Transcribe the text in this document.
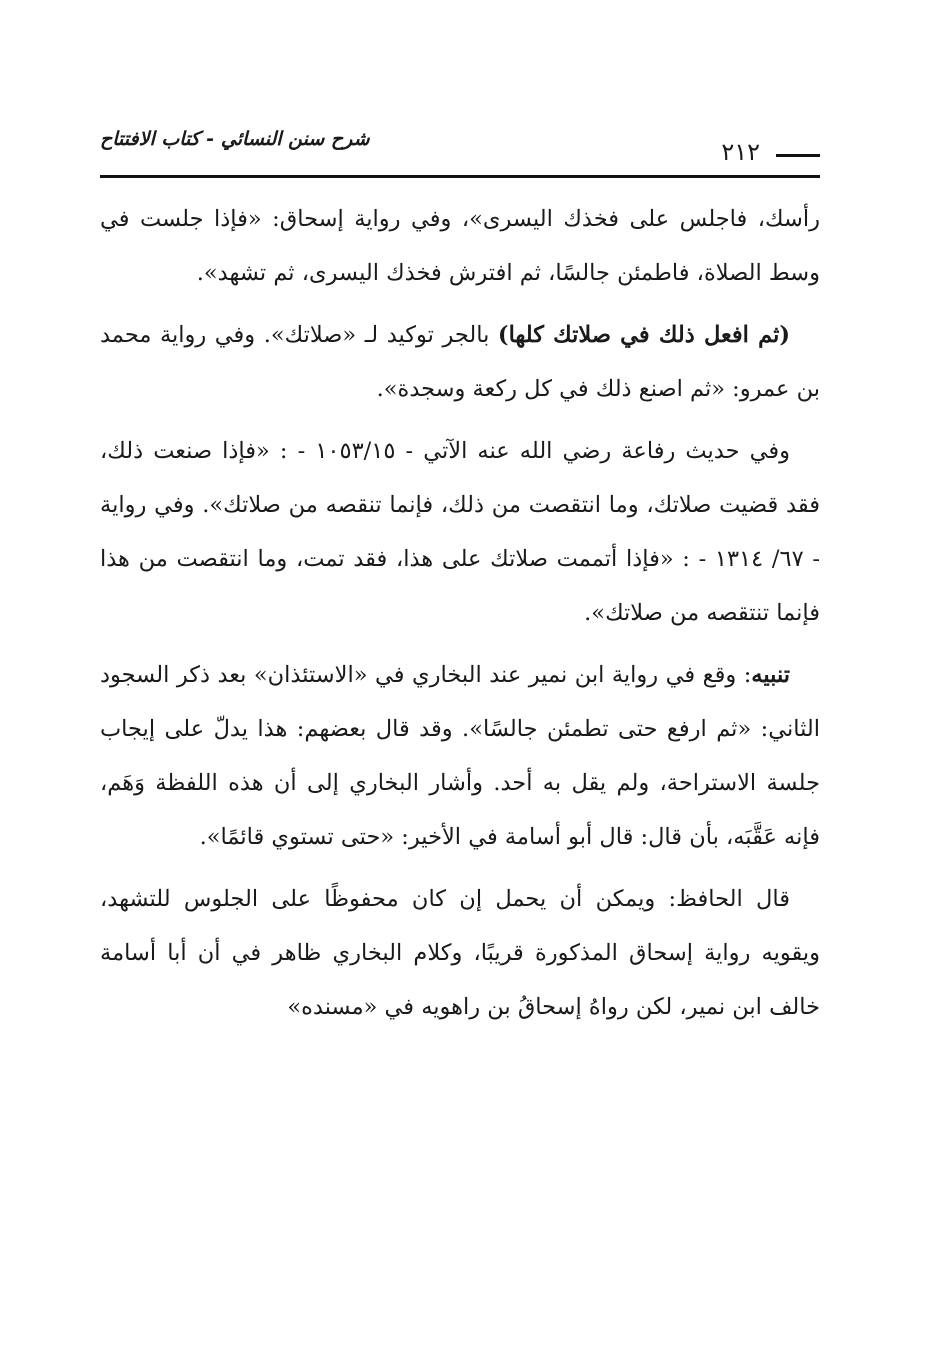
شرح سنن النسائي - كتاب الافتتاح	٢١٢

رأسك، فاجلس على فخذك اليسرى»، وفي رواية إسحاق: «فإذا جلست في وسط الصلاة، فاطمئن جالسًا، ثم افترش فخذك اليسرى، ثم تشهد».

(ثم افعل ذلك في صلاتك كلها) بالجر توكيد لـ «صلاتك». وفي رواية محمد بن عمرو: «ثم اصنع ذلك في كل ركعة وسجدة».

وفي حديث رفاعة رضي الله عنه الآتي - ١٠٥٣/١٥ - : «فإذا صنعت ذلك، فقد قضيت صلاتك، وما انتقصت من ذلك، فإنما تنقصه من صلاتك». وفي رواية - ٦٧/ ١٣١٤ - : «فإذا أتممت صلاتك على هذا، فقد تمت، وما انتقصت من هذا فإنما تنتقصه من صلاتك».

تنبيه: وقع في رواية ابن نمير عند البخاري في «الاستئذان» بعد ذكر السجود الثاني: «ثم ارفع حتى تطمئن جالسًا». وقد قال بعضهم: هذا يدلّ على إيجاب جلسة الاستراحة، ولم يقل به أحد. وأشار البخاري إلى أن هذه اللفظة وَهَم، فإنه عَقَّبَه، بأن قال: قال أبو أسامة في الأخير: «حتى تستوي قائمًا».

قال الحافظ: ويمكن أن يحمل إن كان محفوظًا على الجلوس للتشهد، ويقويه رواية إسحاق المذكورة قريبًا، وكلام البخاري ظاهر في أن أبا أسامة خالف ابن نمير، لكن رواهُ إسحاقُ بن راهويه في «مسنده»
